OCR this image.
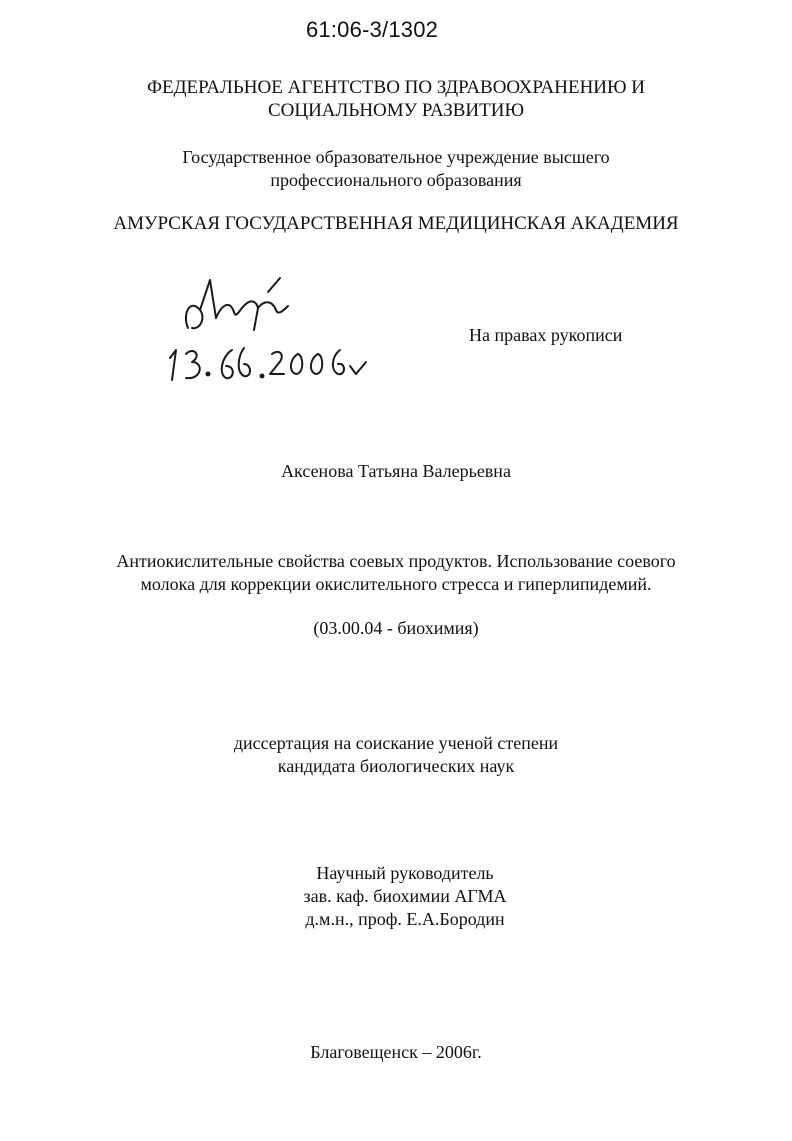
61:06-3/1302
ФЕДЕРАЛЬНОЕ АГЕНТСТВО ПО ЗДРАВООХРАНЕНИЮ И
СОЦИАЛЬНОМУ РАЗВИТИЮ
Государственное образовательное учреждение высшего
профессионального образования
АМУРСКАЯ ГОСУДАРСТВЕННАЯ МЕДИЦИНСКАЯ АКАДЕМИЯ
На правах рукописи
Аксенова Татьяна Валерьевна
Антиокислительные свойства соевых продуктов. Использование соевого
молока для коррекции окислительного стресса и гиперлипидемий.
(03.00.04 - биохимия)
диссертация на соискание ученой степени
кандидата биологических наук
Научный руководитель
зав. каф. биохимии АГМА
д.м.н., проф. Е.А.Бородин
Благовещенск – 2006г.
